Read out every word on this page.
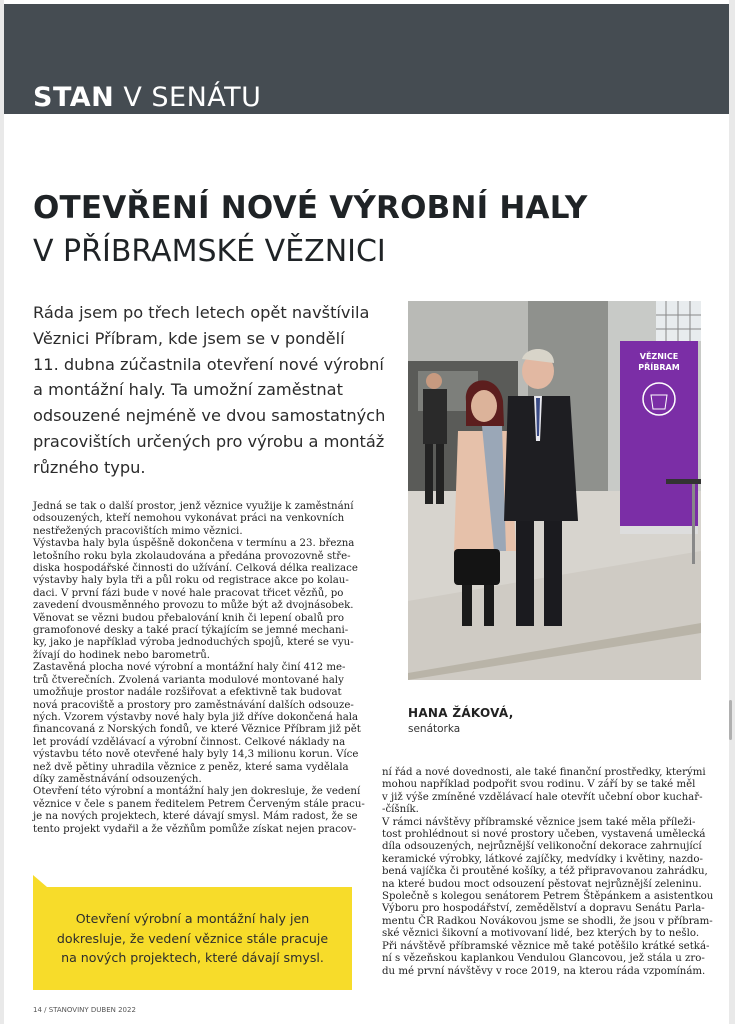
STAN V SENÁTU
OTEVŘENÍ NOVÉ VÝROBNÍ HALY
V PŘÍBRAMSKÉ VĚZNICI
Ráda jsem po třech letech opět navštívila
Věznici Příbram, kde jsem se v pondělí
11. dubna zúčastnila otevření nové výrobní
a montážní haly. Ta umožní zaměstnat
odsouzené nejméně ve dvou samostatných
pracovištích určených pro výrobu a montáž
různého typu.
Jedná se tak o další prostor, jenž věznice využije k zaměstnání
odsouzených, kteří nemohou vykonávat práci na venkovních
nestřežených pracovištích mimo věznici.
Výstavba haly byla úspěšně dokončena v termínu a 23. března
letošního roku byla zkolaudována a předána provozovně stře-
diska hospodářské činnosti do užívání. Celková délka realizace
výstavby haly byla tři a půl roku od registrace akce po kolau-
daci. V první fázi bude v nové hale pracovat třicet vězňů, po
zavedení dvousměnného provozu to může být až dvojnásobek.
Věnovat se vězni budou přebalování knih či lepení obalů pro
gramofonové desky a také prací týkajícím se jemné mechani-
ky, jako je například výroba jednoduchých spojů, které se vyu-
žívají do hodinek nebo barometrů.
Zastavěná plocha nové výrobní a montážní haly činí 412 me-
trů čtverečních. Zvolená varianta modulové montované haly
umožňuje prostor nadále rozšiřovat a efektivně tak budovat
nová pracoviště a prostory pro zaměstnávání dalších odsouze-
ných. Vzorem výstavby nové haly byla již dříve dokončená hala
financovaná z Norských fondů, ve které Věznice Příbram již pět
let provádí vzdělávací a výrobní činnost. Celkové náklady na
výstavbu této nově otevřené haly byly 14,3 milionu korun. Více
než dvě pětiny uhradila věznice z peněz, které sama vydělala
díky zaměstnávání odsouzených.
Otevření této výrobní a montážní haly jen dokresluje, že vedení
věznice v čele s panem ředitelem Petrem Červeným stále pracu-
je na nových projektech, které dávají smysl. Mám radost, že se
tento projekt vydařil a že vězňům pomůže získat nejen pracov-
VĚZNICE
PŘÍBRAM
HANA ŽÁKOVÁ,
senátorka
ní řád a nové dovednosti, ale také finanční prostředky, kterými
mohou například podpořit svou rodinu. V září by se také měl
v již výše zmíněné vzdělávací hale otevřít učební obor kuchař-
-číšník.
V rámci návštěvy příbramské věznice jsem také měla příleži-
tost prohlédnout si nové prostory učeben, vystavená umělecká
díla odsouzených, nejrůznější velikonoční dekorace zahrnující
keramické výrobky, látkové zajíčky, medvídky i květiny, nazdo-
bená vajíčka či proutěné košíky, a též připravovanou zahrádku,
na které budou moct odsouzení pěstovat nejrůznější zeleninu.
Společně s kolegou senátorem Petrem Štěpánkem a asistentkou
Výboru pro hospodářství, zemědělství a dopravu Senátu Parla-
mentu ČR Radkou Novákovou jsme se shodli, že jsou v příbram-
ské věznici šikovní a motivovaní lidé, bez kterých by to nešlo.
Při návštěvě příbramské věznice mě také potěšilo krátké setká-
ní s vězeňskou kaplankou Vendulou Glancovou, jež stála u zro-
du mé první návštěvy v roce 2019, na kterou ráda vzpomínám.
Otevření výrobní a montážní haly jen
dokresluje, že vedení věznice stále pracuje
na nových projektech, které dávají smysl.
14 / STANOVINY DUBEN 2022
